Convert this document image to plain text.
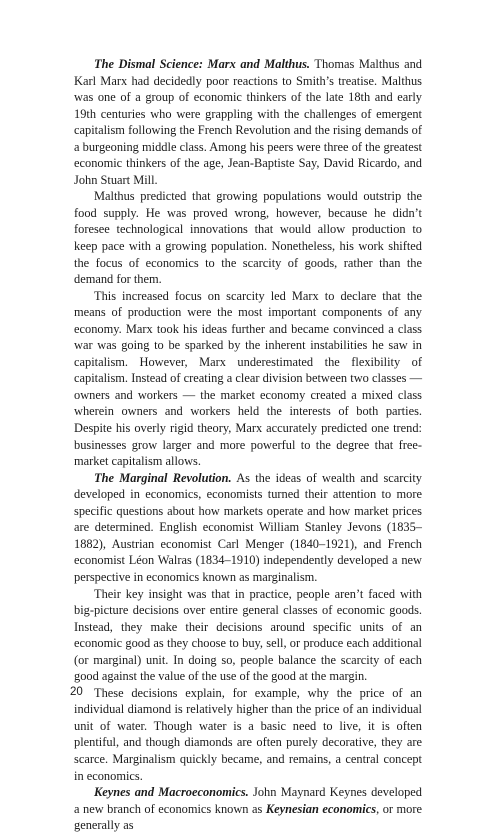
The Dismal Science: Marx and Malthus. Thomas Malthus and Karl Marx had decidedly poor reactions to Smith’s treatise. Malthus was one of a group of economic thinkers of the late 18th and early 19th centuries who were grappling with the challenges of emergent capitalism following the French Revolution and the rising demands of a burgeoning middle class. Among his peers were three of the greatest economic thinkers of the age, Jean-Baptiste Say, David Ricardo, and John Stuart Mill.

Malthus predicted that growing populations would outstrip the food supply. He was proved wrong, however, because he didn’t foresee technological innovations that would allow production to keep pace with a growing population. Nonetheless, his work shifted the focus of economics to the scarcity of goods, rather than the demand for them.

This increased focus on scarcity led Marx to declare that the means of production were the most important components of any economy. Marx took his ideas further and became convinced a class war was going to be sparked by the inherent instabilities he saw in capitalism. However, Marx underestimated the flexibility of capitalism. Instead of creating a clear division between two classes — owners and workers — the market economy created a mixed class wherein owners and workers held the interests of both parties. Despite his overly rigid theory, Marx accurately predicted one trend: businesses grow larger and more powerful to the degree that free-market capitalism allows.

The Marginal Revolution. As the ideas of wealth and scarcity developed in economics, economists turned their attention to more specific questions about how markets operate and how market prices are determined. English economist William Stanley Jevons (1835–1882), Austrian economist Carl Menger (1840–1921), and French economist Léon Walras (1834–1910) independently developed a new perspective in economics known as marginalism.

Their key insight was that in practice, people aren’t faced with big-picture decisions over entire general classes of economic goods. Instead, they make their decisions around specific units of an economic good as they choose to buy, sell, or produce each additional (or marginal) unit. In doing so, people balance the scarcity of each good against the value of the use of the good at the margin.

These decisions explain, for example, why the price of an individual diamond is relatively higher than the price of an individual unit of water. Though water is a basic need to live, it is often plentiful, and though diamonds are often purely decorative, they are scarce. Marginalism quickly became, and remains, a central concept in economics.

Keynes and Macroeconomics. John Maynard Keynes developed a new branch of economics known as Keynesian economics, or more generally as

20
